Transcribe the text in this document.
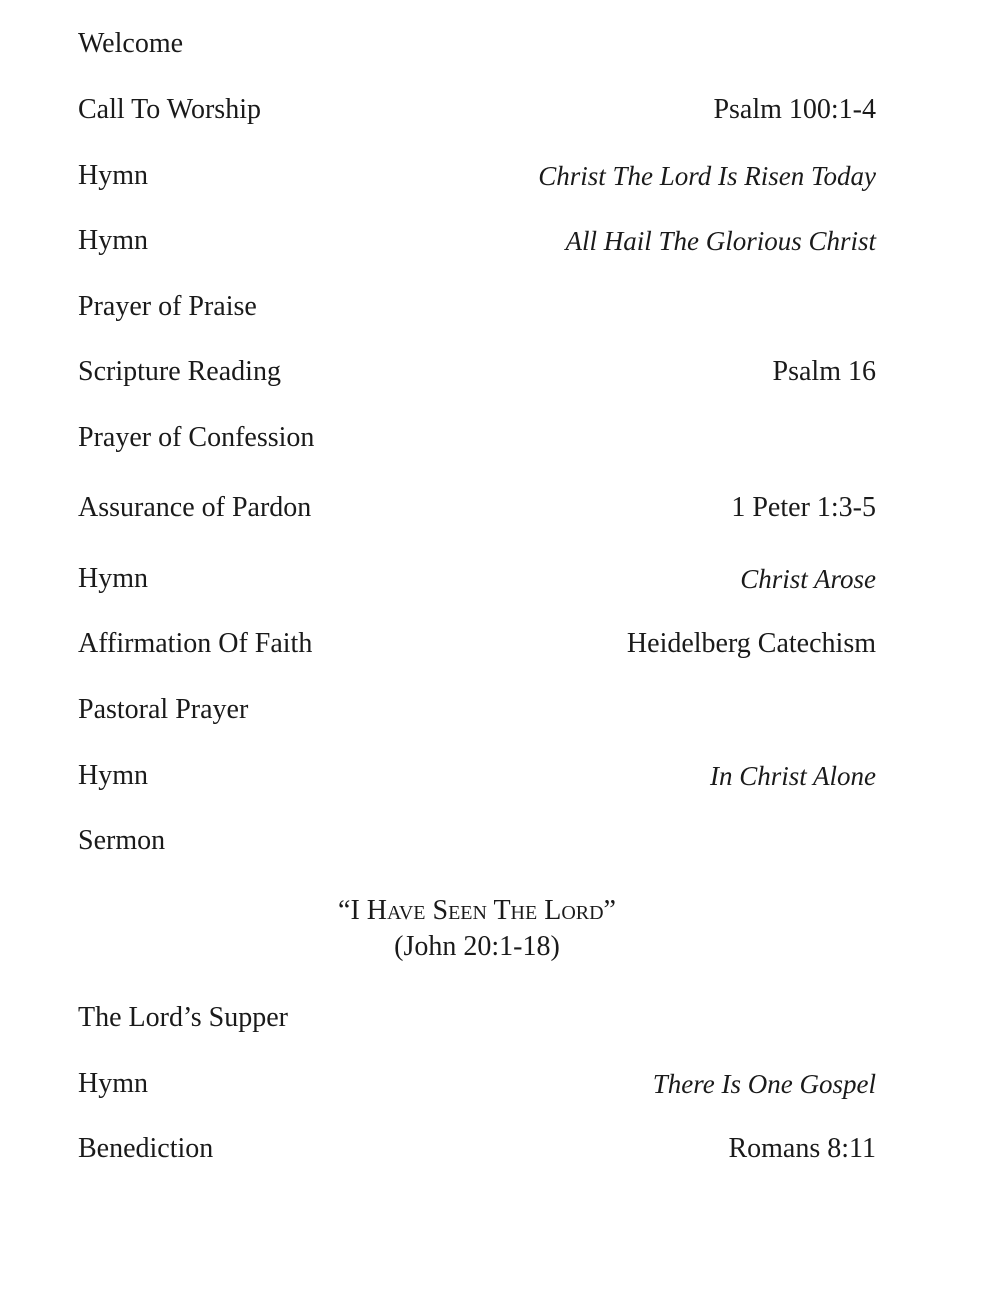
Welcome
Call To Worship	Psalm 100:1-4
Hymn	Christ The Lord Is Risen Today
Hymn	All Hail The Glorious Christ
Prayer of Praise
Scripture Reading	Psalm 16
Prayer of Confession
Assurance of Pardon	1 Peter 1:3-5
Hymn	Christ Arose
Affirmation Of Faith	Heidelberg Catechism
Pastoral Prayer
Hymn	In Christ Alone
Sermon
“I Have Seen The Lord”
(John 20:1-18)
The Lord’s Supper
Hymn	There Is One Gospel
Benediction	Romans 8:11
